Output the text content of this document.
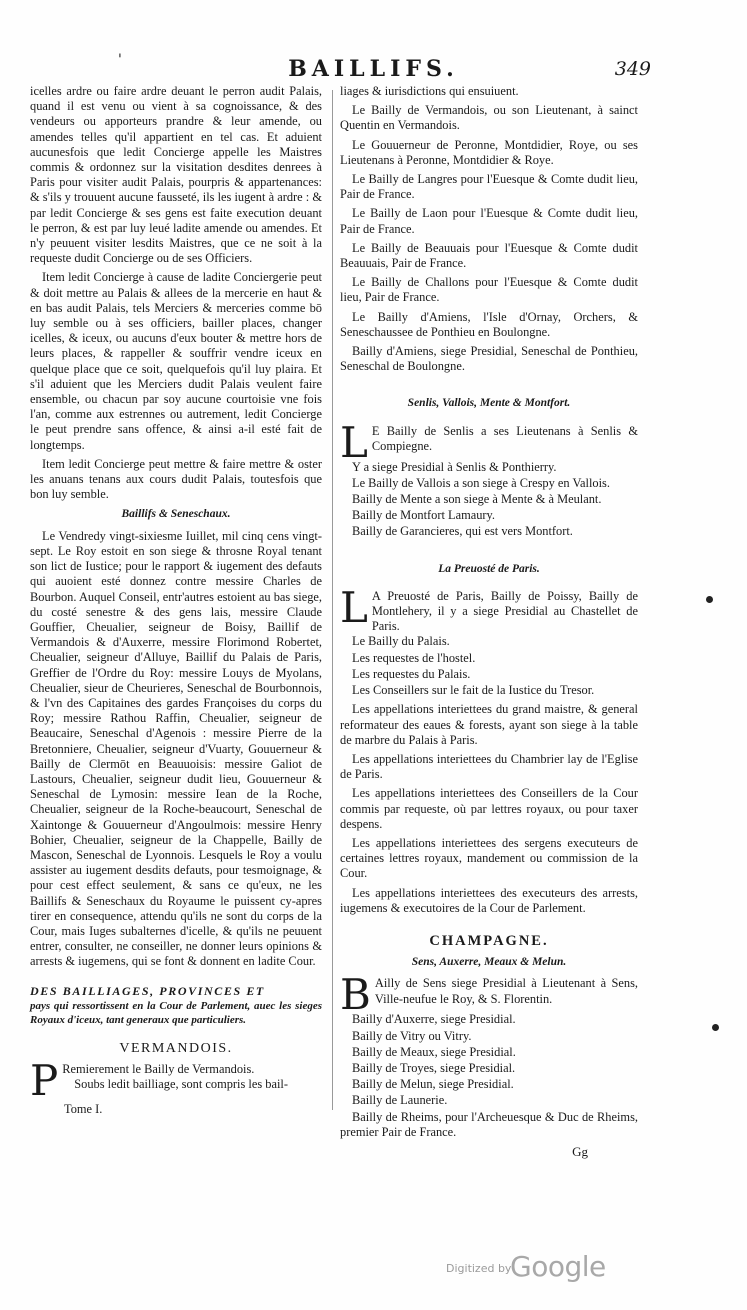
'	BAILLIFS.	349

icelles ardre ou faire ardre deuant le perron audit Palais, quand il est venu ou vient à sa cognoissance, & des vendeurs ou apporteurs prandre & leur amende, ou amendes telles qu'il appartient en tel cas. Et aduient aucunesfois que ledit Concierge appelle les Maistres commis & ordonnez sur la visitation desdites denrees à Paris pour visiter audit Palais, pourpris & appartenances: & s'ils y trouuent aucune fausseté, ils les iugent à ardre : & par ledit Concierge & ses gens est faite execution deuant le perron, & est par luy leué ladite amende ou amendes. Et n'y peuuent visiter lesdits Maistres, que ce ne soit à la requeste dudit Concierge ou de ses Officiers.

Item ledit Concierge à cause de ladite Conciergerie peut & doit mettre au Palais & allees de la mercerie en haut & en bas audit Palais, tels Merciers & merceries comme bō luy semble ou à ses officiers, bailler places, changer icelles, & iceux, ou aucuns d'eux bouter & mettre hors de leurs places, & rappeller & souffrir vendre iceux en quelque place que ce soit, quelquefois qu'il luy plaira. Et s'il aduient que les Merciers dudit Palais veulent faire ensemble, ou chacun par soy aucune courtoisie vne fois l'an, comme aux estrennes ou autrement, ledit Concierge le peut prendre sans offence, & ainsi a-il esté fait de longtemps.

Item ledit Concierge peut mettre & faire mettre & oster les anuans tenans aux cours dudit Palais, toutesfois que bon luy semble.

Baillifs & Seneschaux.

Le Vendredy vingt-sixiesme Iuillet, mil cinq cens vingt-sept. Le Roy estoit en son siege & throsne Royal tenant son lict de Iustice; pour le rapport & iugement des defauts qui auoient esté donnez contre messire Charles de Bourbon. Auquel Conseil, entr'autres estoient au bas siege, du costé senestre & des gens lais, messire Claude Gouffier, Cheualier, seigneur de Boisy, Baillif de Vermandois & d'Auxerre, messire Florimond Robertet, Cheualier, seigneur d'Alluye, Baillif du Palais de Paris, Greffier de l'Ordre du Roy: messire Louys de Myolans, Cheualier, sieur de Cheurieres, Seneschal de Bourbonnois, & l'vn des Capitaines des gardes Françoises du corps du Roy; messire Rathou Raffin, Cheualier, seigneur de Beaucaire, Seneschal d'Agenois : messire Pierre de la Bretonniere, Cheualier, seigneur d'Vuarty, Gouuerneur & Bailly de Clermōt en Beauuoisis: messire Galiot de Lastours, Cheualier, seigneur dudit lieu, Gouuerneur & Seneschal de Lymosin: messire Iean de la Roche, Cheualier, seigneur de la Roche-beaucourt, Seneschal de Xaintonge & Gouuerneur d'Angoulmois: messire Henry Bohier, Cheualier, seigneur de la Chappelle, Bailly de Mascon, Seneschal de Lyonnois. Lesquels le Roy a voulu assister au iugement desdits defauts, pour tesmoignage, & pour cest effect seulement, & sans ce qu'eux, ne les Baillifs & Seneschaux du Royaume le puissent cy-apres tirer en consequence, attendu qu'ils ne sont du corps de la Cour, mais Iuges subalternes d'icelle, & qu'ils ne peuuent entrer, consulter, ne conseiller, ne donner leurs opinions & arrests & iugemens, qui se font & donnent en ladite Cour.

DES BAILLIAGES, PROVINCES ET
pays qui ressortissent en la Cour de Parlement, auec les sieges Royaux d'iceux, tant generaux que particuliers.
VERMANDOIS.
P Remierement le Bailly de Vermandois.
Soubs ledit bailliage, sont compris les bail-
Tome I.

liages & iurisdictions qui ensuiuent.

Le Bailly de Vermandois, ou son Lieutenant, à sainct Quentin en Vermandois.

Le Gouuerneur de Peronne, Montdidier, Roye, ou ses Lieutenans à Peronne, Montdidier & Roye.

Le Bailly de Langres pour l'Euesque & Comte dudit lieu, Pair de France.

Le Bailly de Laon pour l'Euesque & Comte dudit lieu, Pair de France.

Le Bailly de Beauuais pour l'Euesque & Comte dudit Beauuais, Pair de France.

Le Bailly de Challons pour l'Euesque & Comte dudit lieu, Pair de France.

Le Bailly d'Amiens, l'Isle d'Ornay, Orchers, & Seneschaussee de Ponthieu en Boulongne.

Bailly d'Amiens, siege Presidial, Seneschal de Ponthieu, Seneschal de Boulongne.

Senlis, Vallois, Mente & Montfort.
L E Bailly de Senlis a ses Lieutenans à Senlis & Compiegne.
Y a siege Presidial à Senlis & Ponthierry.
Le Bailly de Vallois a son siege à Crespy en Vallois.
Bailly de Mente a son siege à Mente & à Meulant.
Bailly de Montfort Lamaury.
Bailly de Garancieres, qui est vers Montfort.
La Preuosté de Paris.
L A Preuosté de Paris, Bailly de Poissy, Bailly de Montlehery, il y a siege Presidial au Chastellet de Paris.
Le Bailly du Palais.
Les requestes de l'hostel.
Les requestes du Palais.

Les Conseillers sur le fait de la Iustice du Tresor.

Les appellations interiettees du grand maistre, & general reformateur des eaues & forests, ayant son siege à la table de marbre du Palais à Paris.

Les appellations interiettees du Chambrier lay de l'Eglise de Paris.

Les appellations interiettees des Conseillers de la Cour commis par requeste, où par lettres royaux, ou pour taxer despens.

Les appellations interiettees des sergens executeurs de certaines lettres royaux, mandement ou commission de la Cour.

Les appellations interiettees des executeurs des arrests, iugemens & executoires de la Cour de Parlement.

CHAMPAGNE.
Sens, Auxerre, Meaux & Melun.
B Ailly de Sens siege Presidial à Lieutenant à Sens, Ville-neufue le Roy, & S. Florentin.
Bailly d'Auxerre, siege Presidial.
Bailly de Vitry ou Vitry.
Bailly de Meaux, siege Presidial.
Bailly de Troyes, siege Presidial.
Bailly de Melun, siege Presidial.
Bailly de Launerie.

Bailly de Rheims, pour l'Archeuesque & Duc de Rheims, premier Pair de France.

Gg
Digitized by
Google
